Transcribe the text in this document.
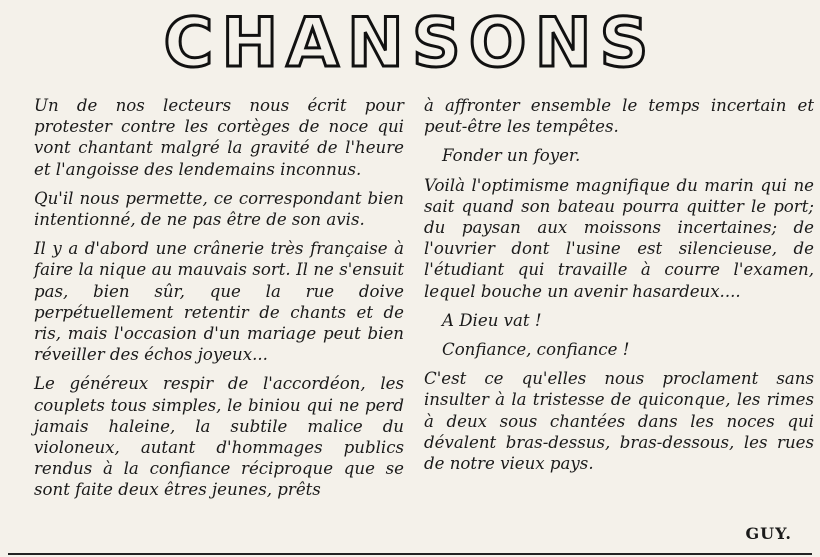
CHANSONS

Un de nos lecteurs nous écrit pour protester contre les cortèges de noce qui vont chantant malgré la gravité de l'heure et l'angoisse des lendemains inconnus.

Qu'il nous permette, ce correspondant bien intentionné, de ne pas être de son avis.

Il y a d'abord une crânerie très française à faire la nique au mauvais sort. Il ne s'ensuit pas, bien sûr, que la rue doive perpétuellement retentir de chants et de ris, mais l'occasion d'un mariage peut bien réveiller des échos joyeux...

Le généreux respir de l'accordéon, les couplets tous simples, le biniou qui ne perd jamais haleine, la subtile malice du violoneux, autant d'hommages publics rendus à la confiance réciproque que se sont faite deux êtres jeunes, prêts

à affronter ensemble le temps incertain et peut-être les tempêtes.

Fonder un foyer.

Voilà l'optimisme magnifique du marin qui ne sait quand son bateau pourra quitter le port; du paysan aux moissons incertaines; de l'ouvrier dont l'usine est silencieuse, de l'étudiant qui travaille à courre l'examen, lequel bouche un avenir hasardeux....

A Dieu vat !

Confiance, confiance !

C'est ce qu'elles nous proclament sans insulter à la tristesse de quiconque, les rimes à deux sous chantées dans les noces qui dévalent bras-dessus, bras-dessous, les rues de notre vieux pays.

GUY.
